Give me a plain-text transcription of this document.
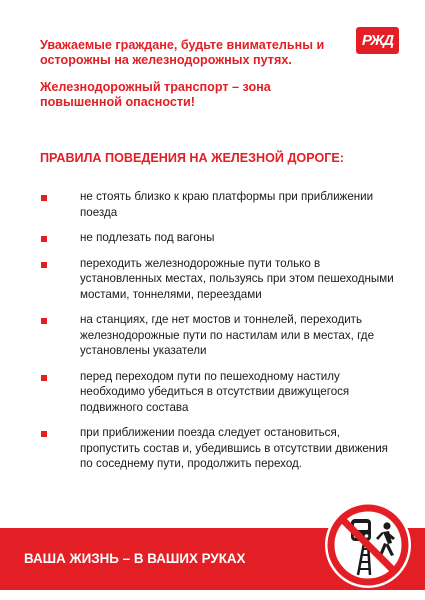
РЖД

Уважаемые граждане, будьте внимательны и осторожны на железнодорожных путях.

Железнодорожный транспорт – зона повышенной опасности!

ПРАВИЛА ПОВЕДЕНИЯ НА ЖЕЛЕЗНОЙ ДОРОГЕ:
не стоять близко к краю платформы при приближении поезда
не подлезать под вагоны
переходить железнодорожные пути только в установленных местах, пользуясь при этом пешеходными мостами, тоннелями, переездами
на станциях, где нет мостов и тоннелей, переходить железнодорожные пути по настилам или в местах, где установлены указатели
перед переходом пути по пешеходному настилу необходимо убедиться в отсутствии движущегося подвижного состава
при приближении поезда следует остановиться, пропустить состав и, убедившись в отсутствии движения по соседнему пути, продолжить переход.
ВАША ЖИЗНЬ – В ВАШИХ РУКАХ
